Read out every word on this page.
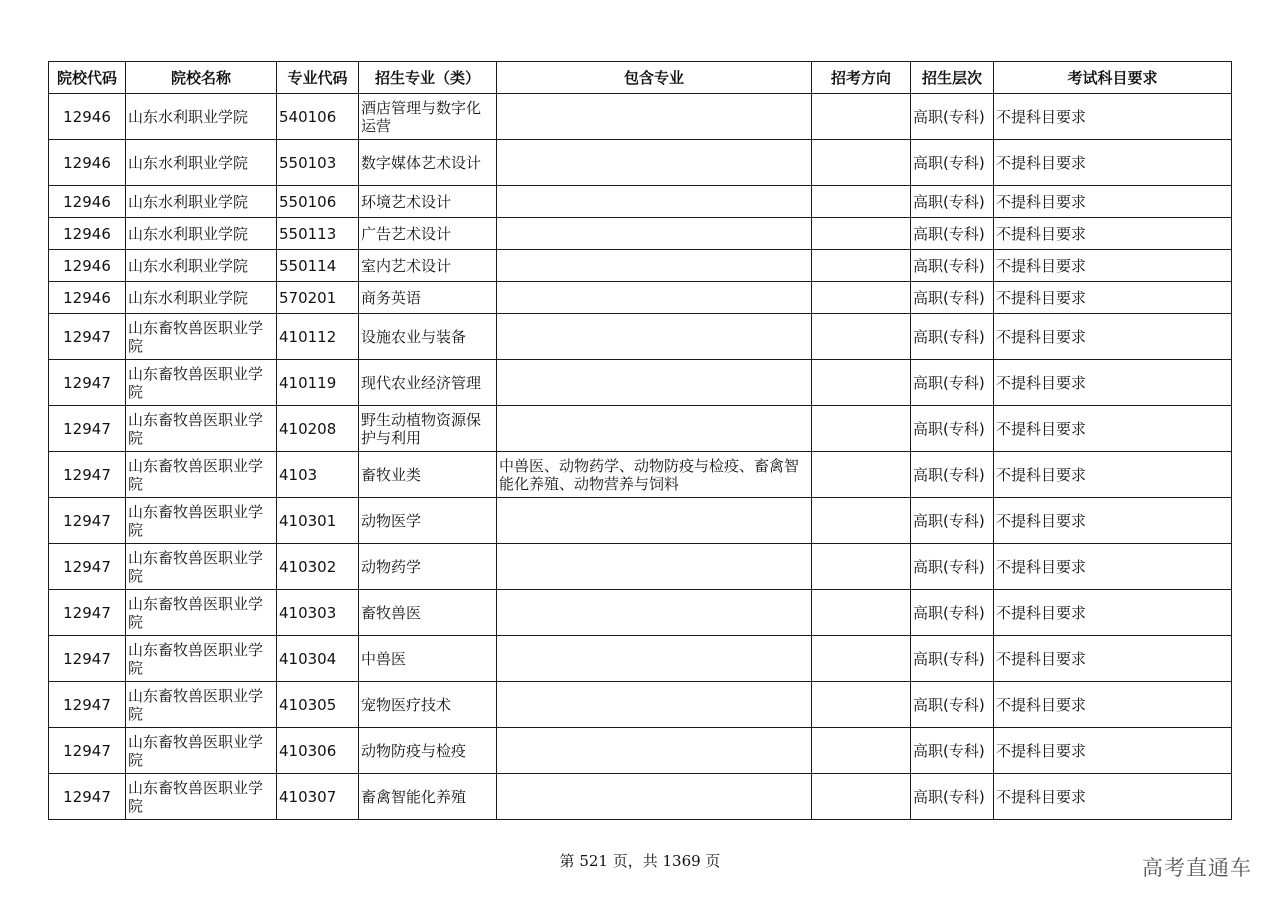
院校代码	院校名称	专业代码	招生专业（类）	包含专业	招考方向	招生层次	考试科目要求
12946	山东水利职业学院	540106	酒店管理与数字化运营			高职(专科)	不提科目要求
12946	山东水利职业学院	550103	数字媒体艺术设计			高职(专科)	不提科目要求
12946	山东水利职业学院	550106	环境艺术设计			高职(专科)	不提科目要求
12946	山东水利职业学院	550113	广告艺术设计			高职(专科)	不提科目要求
12946	山东水利职业学院	550114	室内艺术设计			高职(专科)	不提科目要求
12946	山东水利职业学院	570201	商务英语			高职(专科)	不提科目要求
12947	山东畜牧兽医职业学院	410112	设施农业与装备			高职(专科)	不提科目要求
12947	山东畜牧兽医职业学院	410119	现代农业经济管理			高职(专科)	不提科目要求
12947	山东畜牧兽医职业学院	410208	野生动植物资源保护与利用			高职(专科)	不提科目要求
12947	山东畜牧兽医职业学院	4103	畜牧业类	中兽医、动物药学、动物防疫与检疫、畜禽智能化养殖、动物营养与饲料		高职(专科)	不提科目要求
12947	山东畜牧兽医职业学院	410301	动物医学			高职(专科)	不提科目要求
12947	山东畜牧兽医职业学院	410302	动物药学			高职(专科)	不提科目要求
12947	山东畜牧兽医职业学院	410303	畜牧兽医			高职(专科)	不提科目要求
12947	山东畜牧兽医职业学院	410304	中兽医			高职(专科)	不提科目要求
12947	山东畜牧兽医职业学院	410305	宠物医疗技术			高职(专科)	不提科目要求
12947	山东畜牧兽医职业学院	410306	动物防疫与检疫			高职(专科)	不提科目要求
12947	山东畜牧兽医职业学院	410307	畜禽智能化养殖			高职(专科)	不提科目要求
第 521 页，共 1369 页	高考直通车
